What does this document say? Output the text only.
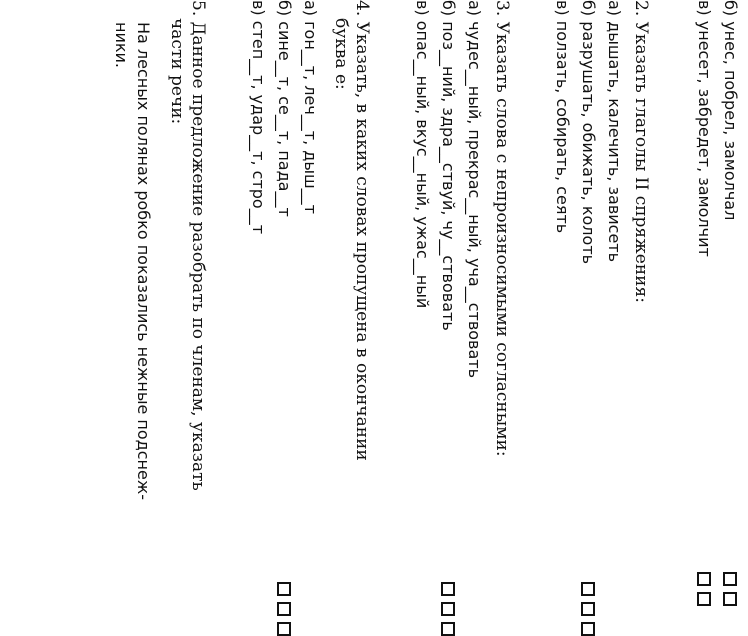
б) унес, побрел, замолчал
в) унесет, забредет, замолчит
2. Указать глаголы II спряжения:
а) дышать, калечить, зависеть
б) разрушать, обижать, колоть
в) ползать, собирать, сеять
3. Указать слова с непроизносимыми согласными:
а) чудес__ный, прекрас__ный, уча__ствовать
б) поз__ний, здра__ствуй, чу__ствовать
в) опас__ный, вкус__ный, ужас__ный
4. Указать, в каких словах пропущена в окончании
буква е:
а) гон__т, леч__т, дыш__т
б) сине__т, се__т, пада__т
в) степ__т, удар__т, стро__т
5. Данное предложение разобрать по членам, указать
части речи:
На лесных полянах робко показались нежные подснеж-
ники.
